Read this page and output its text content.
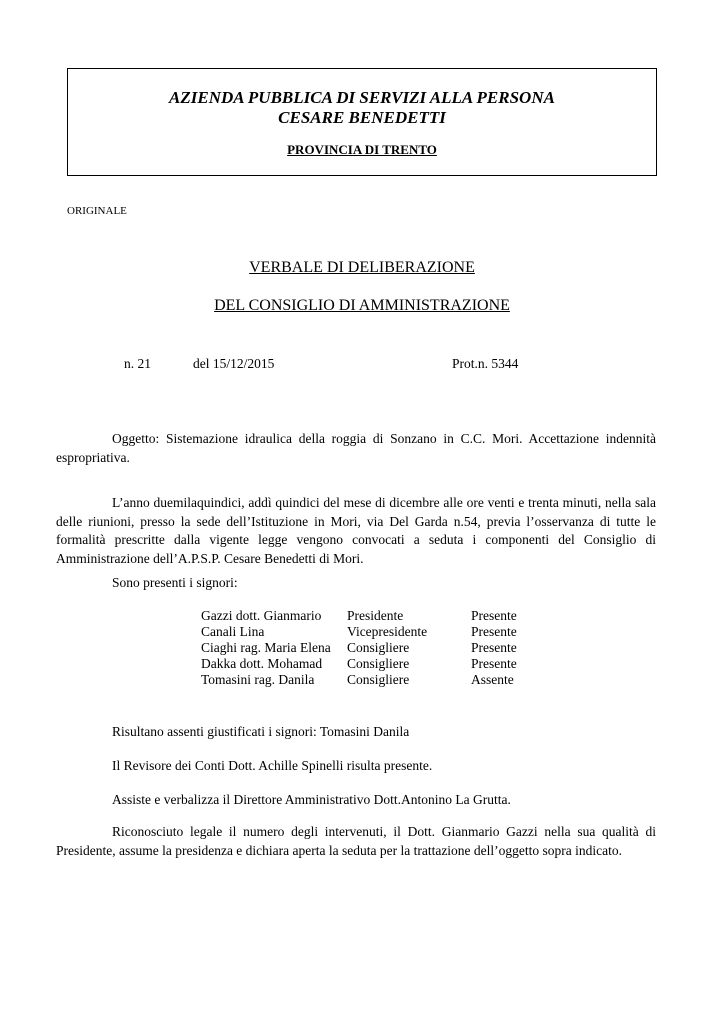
AZIENDA PUBBLICA DI SERVIZI ALLA PERSONA
CESARE BENEDETTI
PROVINCIA DI TRENTO
ORIGINALE
VERBALE DI DELIBERAZIONE
DEL CONSIGLIO DI AMMINISTRAZIONE
n. 21	del 15/12/2015	Prot.n. 5344

Oggetto: Sistemazione idraulica della roggia di Sonzano in C.C. Mori. Accettazione indennità espropriativa.

L’anno duemilaquindici, addì quindici del mese di dicembre alle ore venti e trenta minuti, nella sala delle riunioni, presso la sede dell’Istituzione in Mori, via Del Garda n.54, previa l’osservanza di tutte le formalità prescritte dalla vigente legge vengono convocati a seduta i componenti del Consiglio di Amministrazione dell’A.P.S.P. Cesare Benedetti di Mori.

Sono presenti i signori:
Gazzi dott. Gianmario	Presidente	Presente
Canali Lina	Vicepresidente	Presente
Ciaghi rag. Maria Elena	Consigliere	Presente
Dakka dott. Mohamad	Consigliere	Presente
Tomasini rag. Danila	Consigliere	Assente
Risultano assenti giustificati i signori: Tomasini Danila
Il Revisore dei Conti Dott. Achille Spinelli risulta presente.
Assiste e verbalizza il Direttore Amministrativo Dott.Antonino La Grutta.

Riconosciuto legale il numero degli intervenuti, il Dott. Gianmario Gazzi nella sua qualità di Presidente, assume la presidenza e dichiara aperta la seduta per la trattazione dell’oggetto sopra indicato.
